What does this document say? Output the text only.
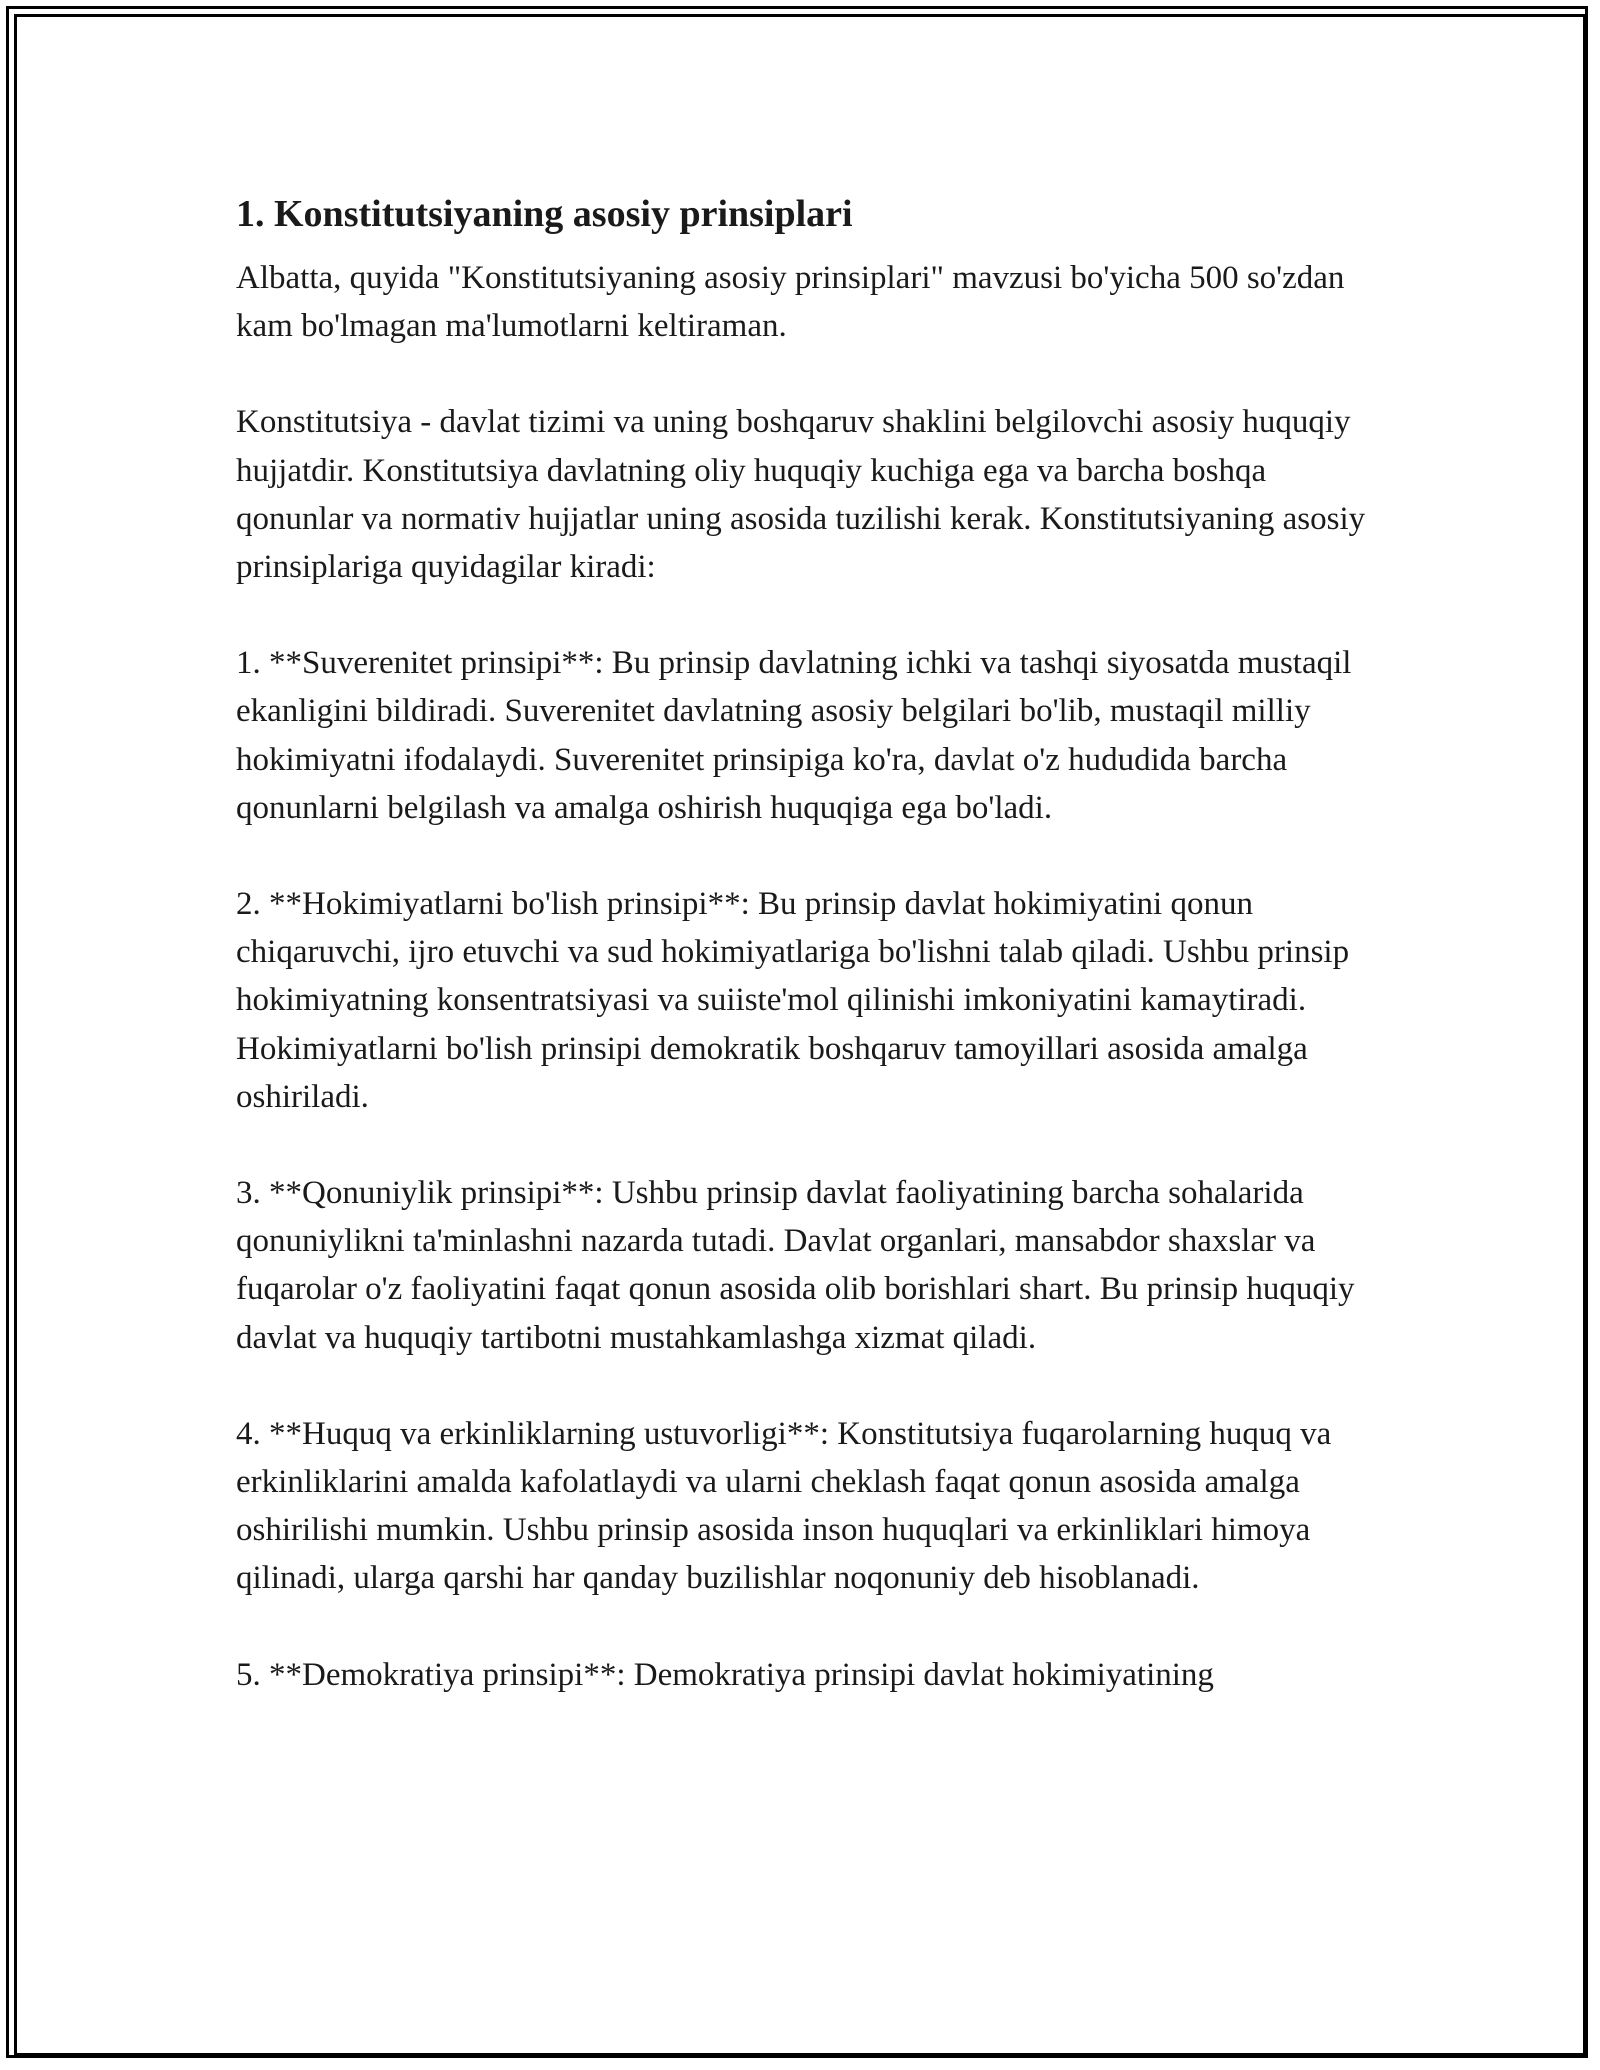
1. Konstitutsiyaning asosiy prinsiplari

Albatta, quyida "Konstitutsiyaning asosiy prinsiplari" mavzusi bo'yicha 500 so'zdan kam bo'lmagan ma'lumotlarni keltiraman.

Konstitutsiya - davlat tizimi va uning boshqaruv shaklini belgilovchi asosiy huquqiy hujjatdir. Konstitutsiya davlatning oliy huquqiy kuchiga ega va barcha boshqa qonunlar va normativ hujjatlar uning asosida tuzilishi kerak. Konstitutsiyaning asosiy prinsiplariga quyidagilar kiradi:

1. **Suverenitet prinsipi**: Bu prinsip davlatning ichki va tashqi siyosatda mustaqil ekanligini bildiradi. Suverenitet davlatning asosiy belgilari bo'lib, mustaqil milliy hokimiyatni ifodalaydi. Suverenitet prinsipiga ko'ra, davlat o'z hududida barcha qonunlarni belgilash va amalga oshirish huquqiga ega bo'ladi.

2. **Hokimiyatlarni bo'lish prinsipi**: Bu prinsip davlat hokimiyatini qonun chiqaruvchi, ijro etuvchi va sud hokimiyatlariga bo'lishni talab qiladi. Ushbu prinsip hokimiyatning konsentratsiyasi va suiiste'mol qilinishi imkoniyatini kamaytiradi. Hokimiyatlarni bo'lish prinsipi demokratik boshqaruv tamoyillari asosida amalga oshiriladi.

3. **Qonuniylik prinsipi**: Ushbu prinsip davlat faoliyatining barcha sohalarida qonuniylikni ta'minlashni nazarda tutadi. Davlat organlari, mansabdor shaxslar va fuqarolar o'z faoliyatini faqat qonun asosida olib borishlari shart. Bu prinsip huquqiy davlat va huquqiy tartibotni mustahkamlashga xizmat qiladi.

4. **Huquq va erkinliklarning ustuvorligi**: Konstitutsiya fuqarolarning huquq va erkinliklarini amalda kafolatlaydi va ularni cheklash faqat qonun asosida amalga oshirilishi mumkin. Ushbu prinsip asosida inson huquqlari va erkinliklari himoya qilinadi, ularga qarshi har qanday buzilishlar noqonuniy deb hisoblanadi.

5. **Demokratiya prinsipi**: Demokratiya prinsipi davlat hokimiyatining
